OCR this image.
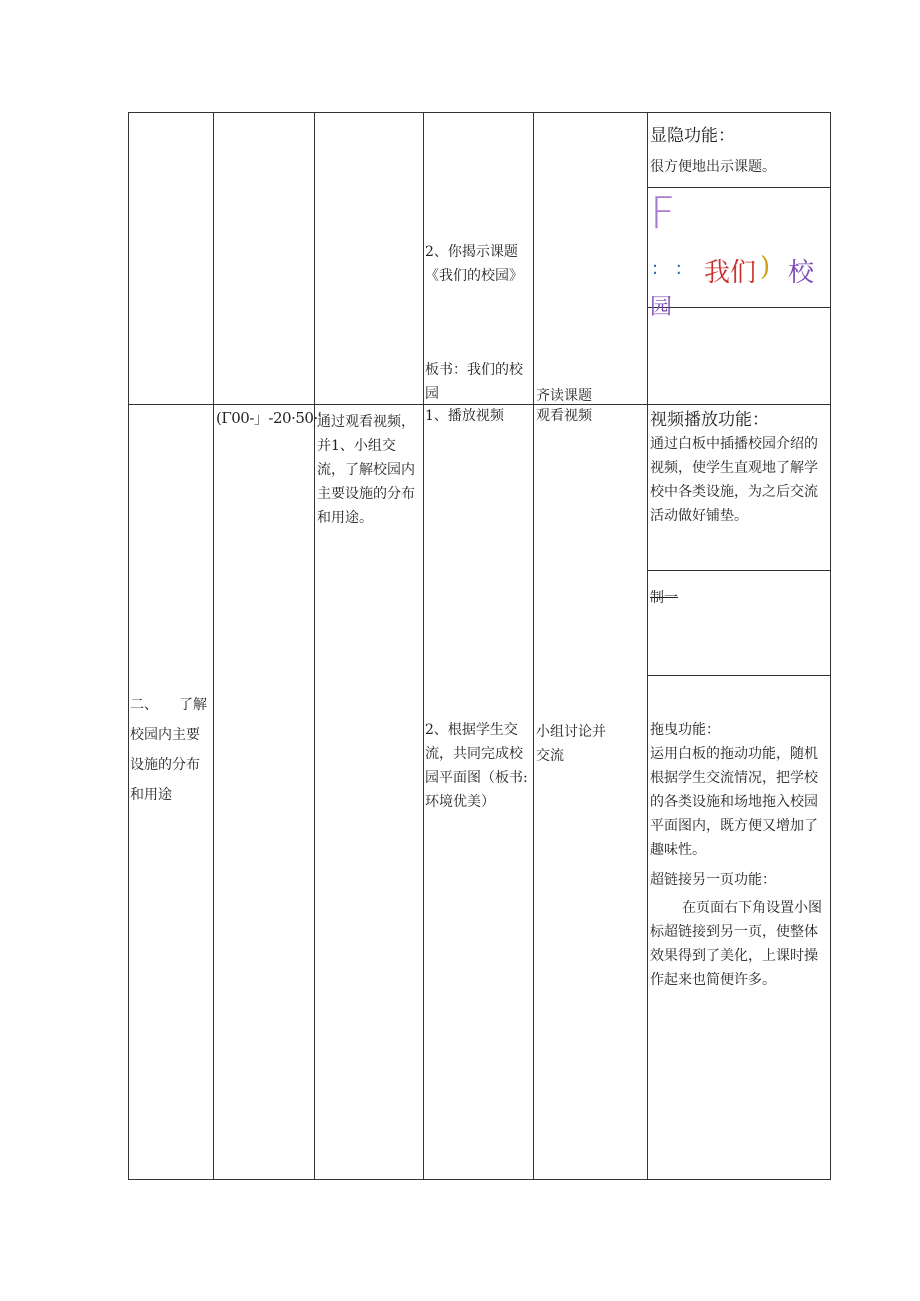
2、你揭示课题《我们的校园》
板书：我们的校园	齐读课题
显隐功能：
很方便地出示课题。
F
: : 我们 ) 校
园
二、　　了解校园内主要设施的分布和用途
(Γ00-」-20·50·'
通过观看视频，并1、小组交流，了解校园内主要设施的分布和用途。
1、播放视频
2、根据学生交流，共同完成校园平面图（板书:环境优美）
观看视频
小组讨论并交流
视频播放功能：
通过白板中插播校园介绍的视频，使学生直观地了解学校中各类设施，为之后交流活动做好铺垫。
制一
拖曳功能：
运用白板的拖动功能，随机根据学生交流情况，把学校的各类设施和场地拖入校园平面图内，既方便又增加了趣味性。
超链接另一页功能：
在页面右下角设置小图标超链接到另一页，使整体效果得到了美化，上课时操作起来也简便许多。
